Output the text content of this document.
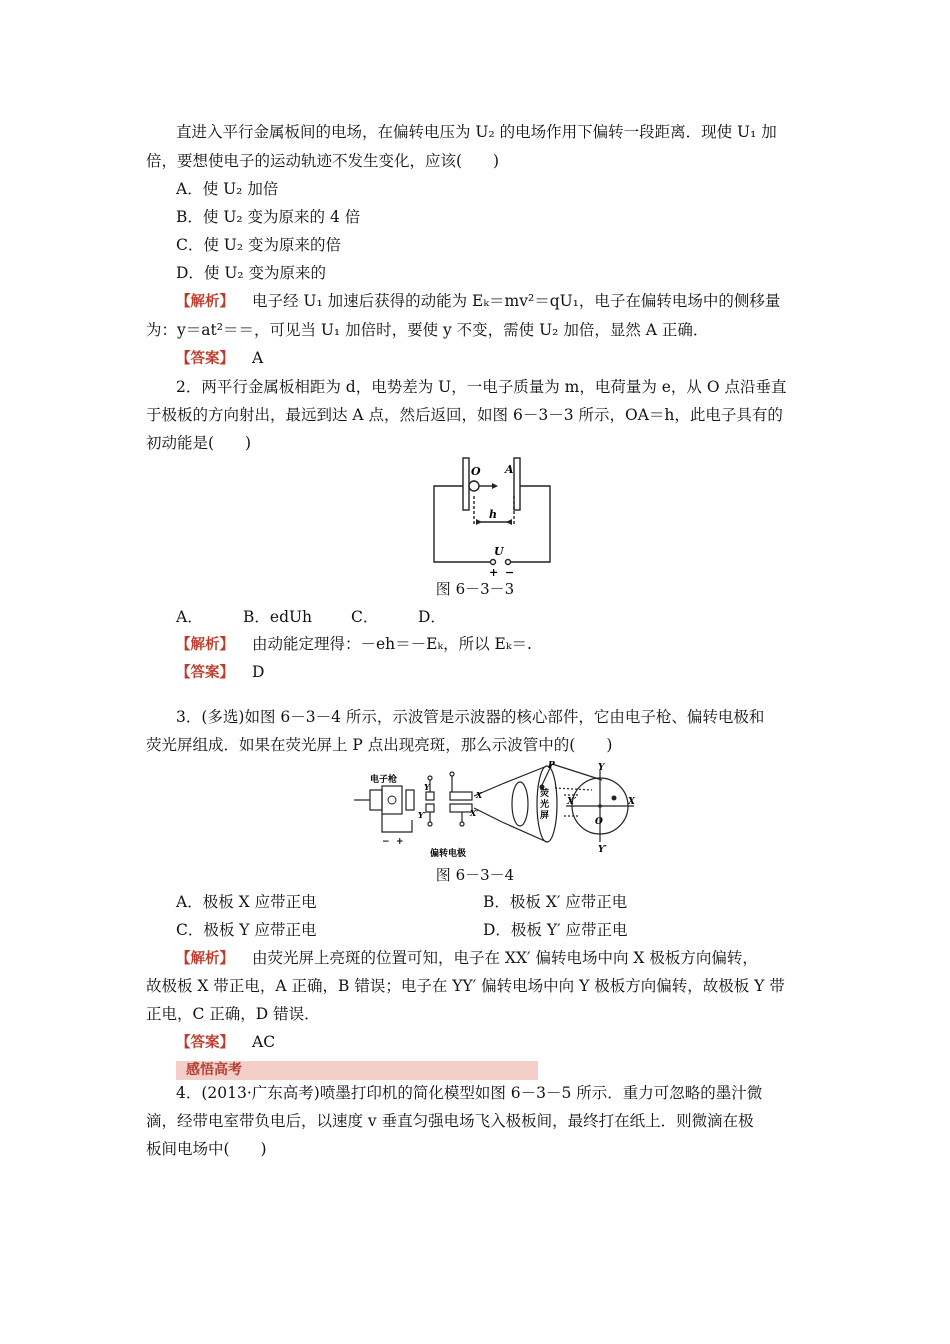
直进入平行金属板间的电场，在偏转电压为 U₂ 的电场作用下偏转一段距离．现使 U₁ 加
倍，要想使电子的运动轨迹不发生变化，应该(　　)
A．使 U₂ 加倍
B．使 U₂ 变为原来的 4 倍
C．使 U₂ 变为原来的倍
D．使 U₂ 变为原来的
【解析】 电子经 U₁ 加速后获得的动能为 Eₖ＝mv²＝qU₁，电子在偏转电场中的侧移量
为：y＝at²＝＝，可见当 U₁ 加倍时，要使 y 不变，需使 U₂ 加倍，显然 A 正确．
【答案】 A
2．两平行金属板相距为 d，电势差为 U，一电子质量为 m，电荷量为 e，从 O 点沿垂直
于极板的方向射出，最远到达 A 点，然后返回，如图 6－3－3 所示，OA＝h，此电子具有的
初动能是(　　)
O A
h
U
+ −
图 6－3－3
A．	B．edUh	C．	D．
【解析】 由动能定理得：－eh＝－Eₖ，所以 Eₖ＝.
【答案】 D
3．(多选)如图 6－3－4 所示，示波管是示波器的核心部件，它由电子枪、偏转电极和
荧光屏组成．如果在荧光屏上 P 点出现亮斑，那么示波管中的(　　)
电子枪
偏转电极
荧
光
屏
P	Y
Y′
X
X′
O
X
X′
Y
Y′
− +
图 6－3－4
A．极板 X 应带正电	B．极板 X′ 应带正电
C．极板 Y 应带正电	D．极板 Y′ 应带正电
【解析】 由荧光屏上亮斑的位置可知，电子在 XX′ 偏转电场中向 X 极板方向偏转，
故极板 X 带正电，A 正确，B 错误；电子在 YY′ 偏转电场中向 Y 极板方向偏转，故极板 Y 带
正电，C 正确，D 错误．
【答案】 AC
感悟高考
4．(2013·广东高考)喷墨打印机的简化模型如图 6－3－5 所示．重力可忽略的墨汁微
滴，经带电室带负电后，以速度 v 垂直匀强电场飞入极板间，最终打在纸上．则微滴在极
板间电场中(　　)
